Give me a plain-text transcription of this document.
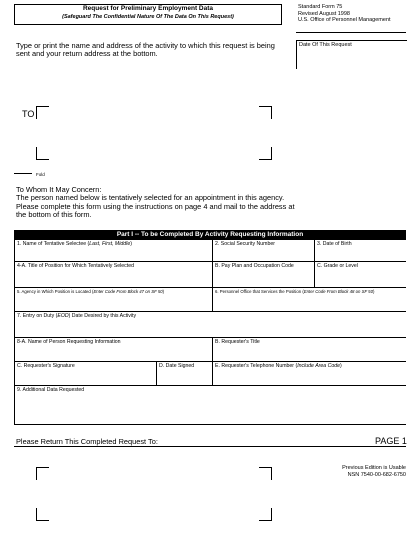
Request for Preliminary Employment Data
(Safeguard The Confidential Nature Of The Data On This Request)
Standard Form 75
Revised August 1998
U.S. Office of Personnel Management
Date Of This Request
Type or print the name and address of the activity to which this request is being sent and your return address at the bottom.
TO
Fold
To Whom It May Concern:
The person named below is tentatively selected for an appointment in this agency. Please complete this form using the instructions on page 4 and mail to the address at the bottom of this form.
Part I -- To be Completed By Activity Requesting Information
1. Name of Tentative Selectee (Last, First, Middle)	2. Social Security Number	3. Date of Birth
4-A. Title of Position for Which Tentatively Selected	B. Pay Plan and Occupation Code	C. Grade or Level
5. Agency in Which Position is Located (Enter Code From Block 47 on SF 50)	6. Personnel Office that Services the Position (Enter Code From Block 48 on SF 50)
7. Entry on Duty (EOD) Date Desired by this Activity
8-A. Name of Person Requesting Information	B. Requester's Title
C. Requester's Signature	D. Date Signed	E. Requester's Telephone Number (Include Area Code)
9. Additional Data Requested
Please Return This Completed Request To:	PAGE 1
Previous Edition is Usable
NSN 7540-00-682-6750
